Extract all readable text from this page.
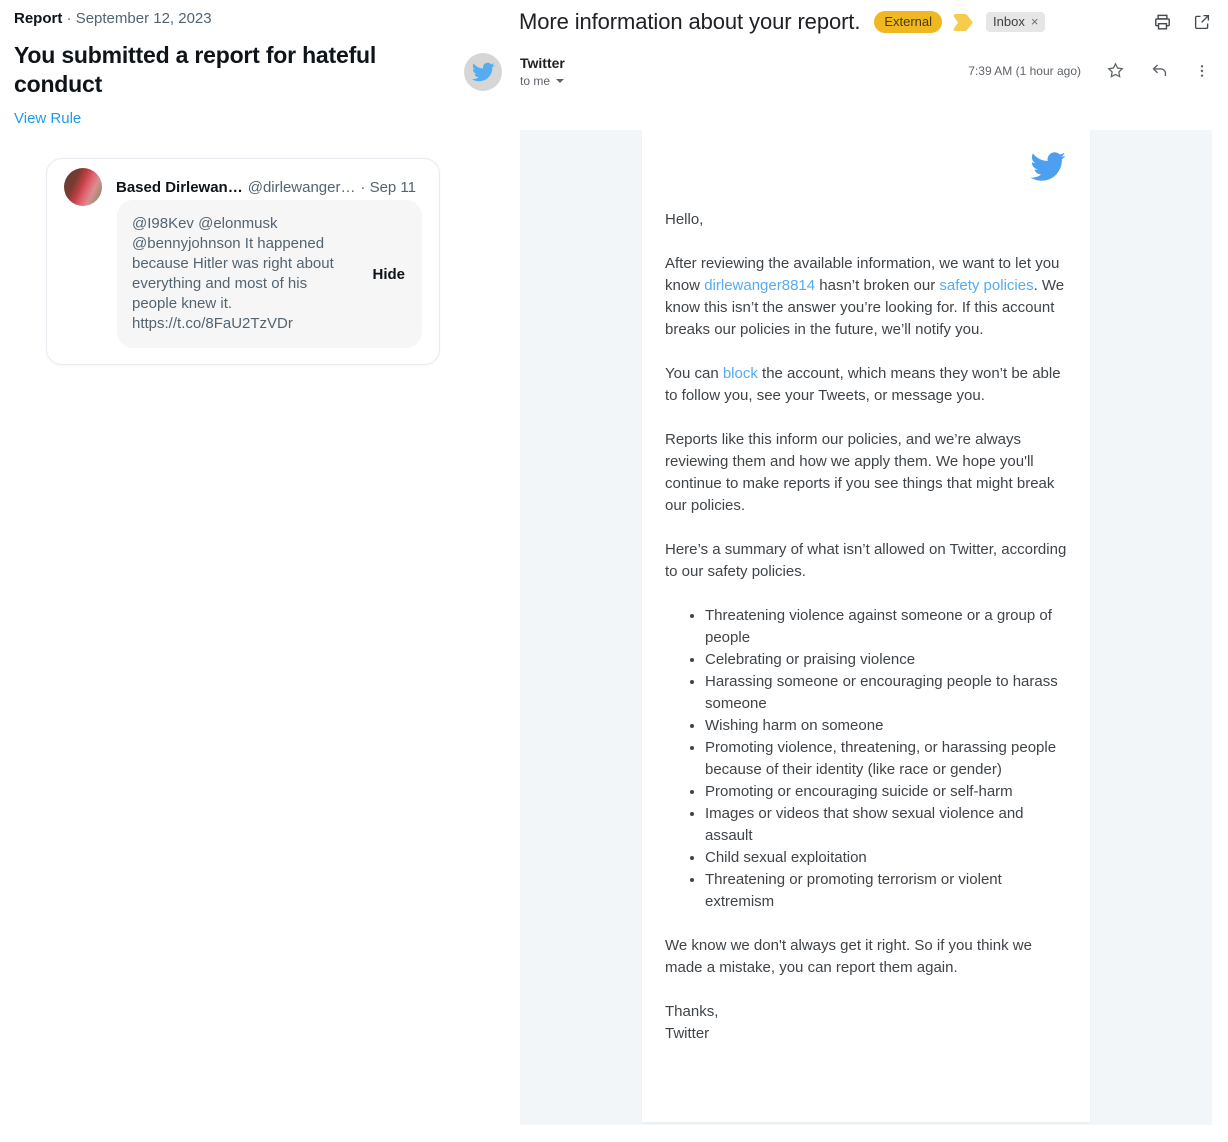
Report · September 12, 2023
You submitted a report for hateful conduct
View Rule
Based Dirlewan… @dirlewanger… · Sep 11
@I98Kev @elonmusk @bennyjohnson It happened because Hitler was right about everything and most of his people knew it. https://t.co/8FaU2TzVDr
Hide
More information about your report.	External	Inbox ×
Twitter
to me
7:39 AM (1 hour ago)

Hello,

After reviewing the available information, we want to let you know dirlewanger8814 hasn’t broken our safety policies. We know this isn’t the answer you’re looking for. If this account breaks our policies in the future, we’ll notify you.

You can block the account, which means they won’t be able to follow you, see your Tweets, or message you.

Reports like this inform our policies, and we’re always reviewing them and how we apply them. We hope you'll continue to make reports if you see things that might break our policies.

Here’s a summary of what isn’t allowed on Twitter, according to our safety policies.

• Threatening violence against someone or a group of people
• Celebrating or praising violence
• Harassing someone or encouraging people to harass someone
• Wishing harm on someone
• Promoting violence, threatening, or harassing people because of their identity (like race or gender)
• Promoting or encouraging suicide or self-harm
• Images or videos that show sexual violence and assault
• Child sexual exploitation
• Threatening or promoting terrorism or violent extremism

We know we don't always get it right. So if you think we made a mistake, you can report them again.

Thanks,
Twitter
